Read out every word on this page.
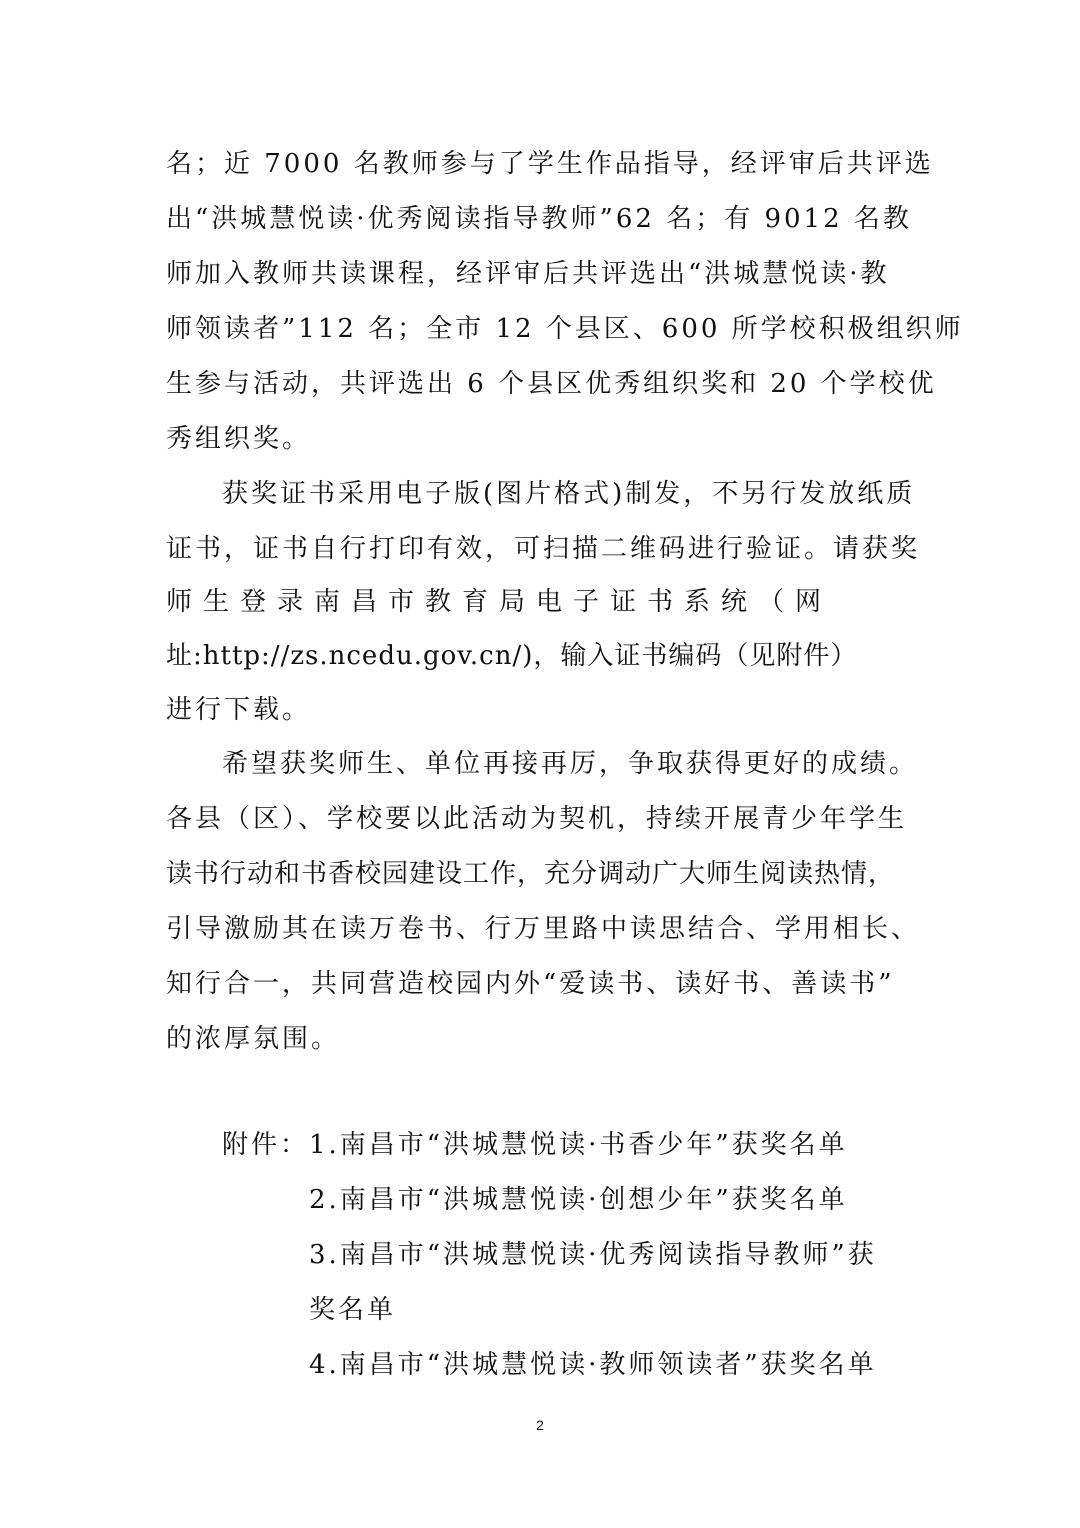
名；近 7000 名教师参与了学生作品指导，经评审后共评选
出“洪城慧悦读·优秀阅读指导教师”62 名；有 9012 名教
师加入教师共读课程，经评审后共评选出“洪城慧悦读·教
师领读者”112 名；全市 12 个县区、600 所学校积极组织师
生参与活动，共评选出 6 个县区优秀组织奖和 20 个学校优
秀组织奖。
获奖证书采用电子版(图片格式)制发，不另行发放纸质
证书，证书自行打印有效，可扫描二维码进行验证。请获奖
师生登录南昌市教育局电子证书系统（网
址:http://zs.ncedu.gov.cn/)，输入证书编码（见附件）
进行下载。
希望获奖师生、单位再接再厉，争取获得更好的成绩。
各县（区）、学校要以此活动为契机，持续开展青少年学生
读书行动和书香校园建设工作，充分调动广大师生阅读热情，
引导激励其在读万卷书、行万里路中读思结合、学用相长、
知行合一，共同营造校园内外“爱读书、读好书、善读书”
的浓厚氛围。
附件： 1.南昌市“洪城慧悦读·书香少年”获奖名单
2.南昌市“洪城慧悦读·创想少年”获奖名单
3.南昌市“洪城慧悦读·优秀阅读指导教师”获
奖名单
4.南昌市“洪城慧悦读·教师领读者”获奖名单
2
